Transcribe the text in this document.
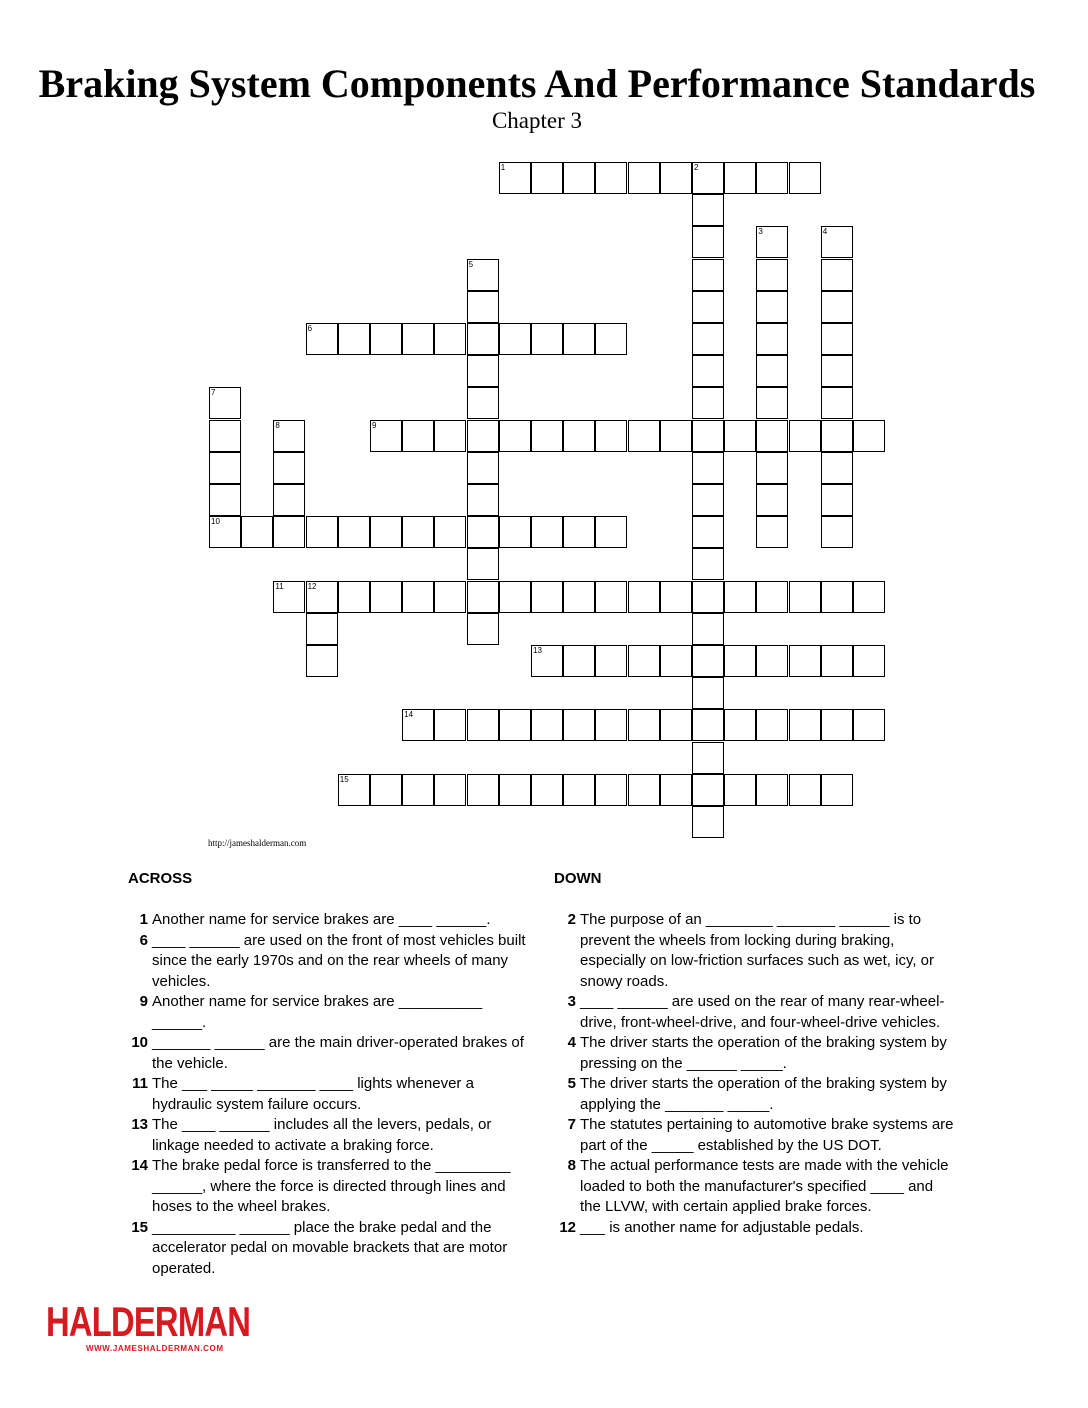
Braking System Components And Performance Standards
Chapter 3
1	2
3	4
5
6
7
10
8	9
11	12
13
14
15
http://jameshalderman.com
ACROSS	DOWN
1 Another name for service brakes are ____ ______.
6 ____ ______ are used on the front of most vehicles built since the early 1970s and on the rear wheels of many vehicles.
9 Another name for service brakes are __________ ______.
10 _______ ______ are the main driver-operated brakes of the vehicle.
11 The ___ _____ _______ ____ lights whenever a hydraulic system failure occurs.
13 The ____ ______ includes all the levers, pedals, or linkage needed to activate a braking force.
14 The brake pedal force is transferred to the _________ ______, where the force is directed through lines and hoses to the wheel brakes.
15 __________ ______ place the brake pedal and the accelerator pedal on movable brackets that are motor operated.
2 The purpose of an ________ _______ ______ is to prevent the wheels from locking during braking, especially on low-friction surfaces such as wet, icy, or snowy roads.
3 ____ ______ are used on the rear of many rear-wheel-drive, front-wheel-drive, and four-wheel-drive vehicles.
4 The driver starts the operation of the braking system by pressing on the ______ _____.
5 The driver starts the operation of the braking system by applying the _______ _____.
7 The statutes pertaining to automotive brake systems are part of the _____ established by the US DOT.
8 The actual performance tests are made with the vehicle loaded to both the manufacturer's specified ____ and the LLVW, with certain applied brake forces.
12 ___ is another name for adjustable pedals.
HALDERMAN
WWW.JAMESHALDERMAN.COM
